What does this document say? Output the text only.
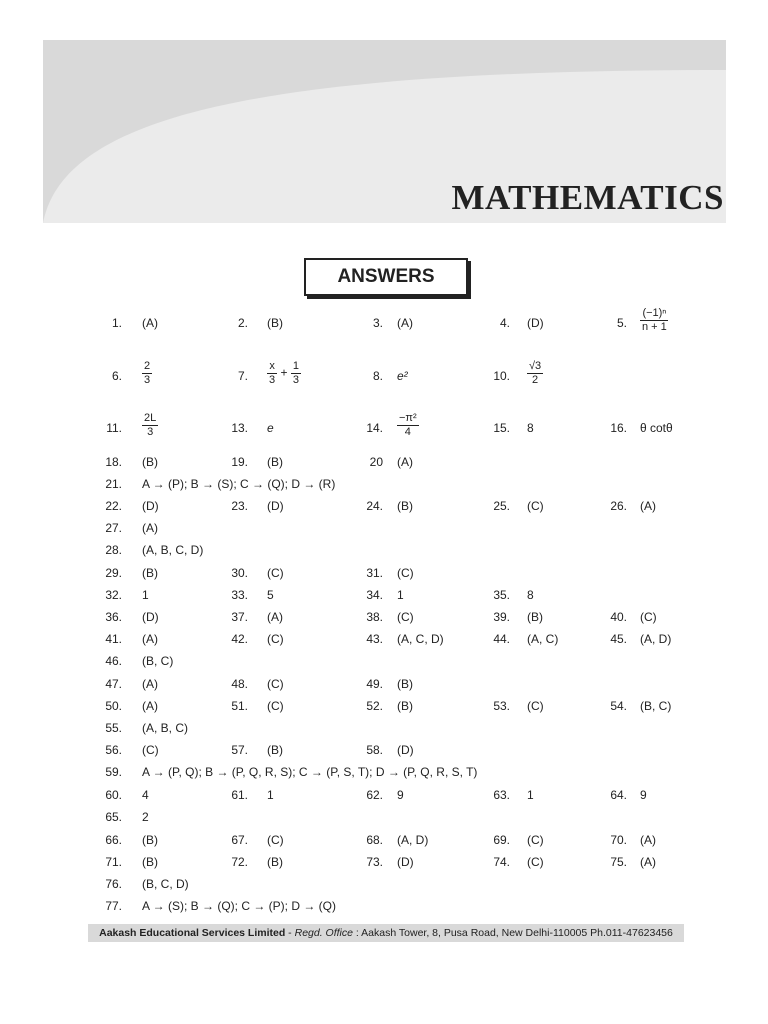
MATHEMATICS
ANSWERS
1. (A)	2. (B)	3. (A)	4. (D)	5. $\frac{\text{(−1)ⁿ}}{n + 1}$
6. $\frac{2}{3}$	7. $\frac{x}{3} + \frac{1}{3}$	8. e²	10. $\frac{√3}{2}$
11. $\frac{2L}{3}$	13. e	14. $\frac{\text{−π²}}{4}$	15. 8	16. θ cotθ
18. (B)	19. (B)	20 (A)
21. A → (P); B → (S); C → (Q); D → (R)
22. (D)	23. (D)	24. (B)	25. (C)	26. (A)
27. (A)
28. (A, B, C, D)
29. (B)	30. (C)	31. (C)
32. 1	33. 5	34. 1	35. 8
36. (D)	37. (A)	38. (C)	39. (B)	40. (C)
41. (A)	42. (C)	43. (A, C, D)	44. (A, C)	45. (A, D)
46. (B, C)
47. (A)	48. (C)	49. (B)
50. (A)	51. (C)	52. (B)	53. (C)	54. (B, C)
55. (A, B, C)
56. (C)	57. (B)	58. (D)
59. A → (P, Q); B → (P, Q, R, S); C → (P, S, T); D → (P, Q, R, S, T)
60. 4	61. 1	62. 9	63. 1	64. 9
65. 2
66. (B)	67. (C)	68. (A, D)	69. (C)	70. (A)
71. (B)	72. (B)	73. (D)	74. (C)	75. (A)
76. (B, C, D)
77. A → (S); B → (Q); C → (P); D → (Q)
Aakash Educational Services Limited - Regd. Office : Aakash Tower, 8, Pusa Road, New Delhi-110005 Ph.011-47623456
